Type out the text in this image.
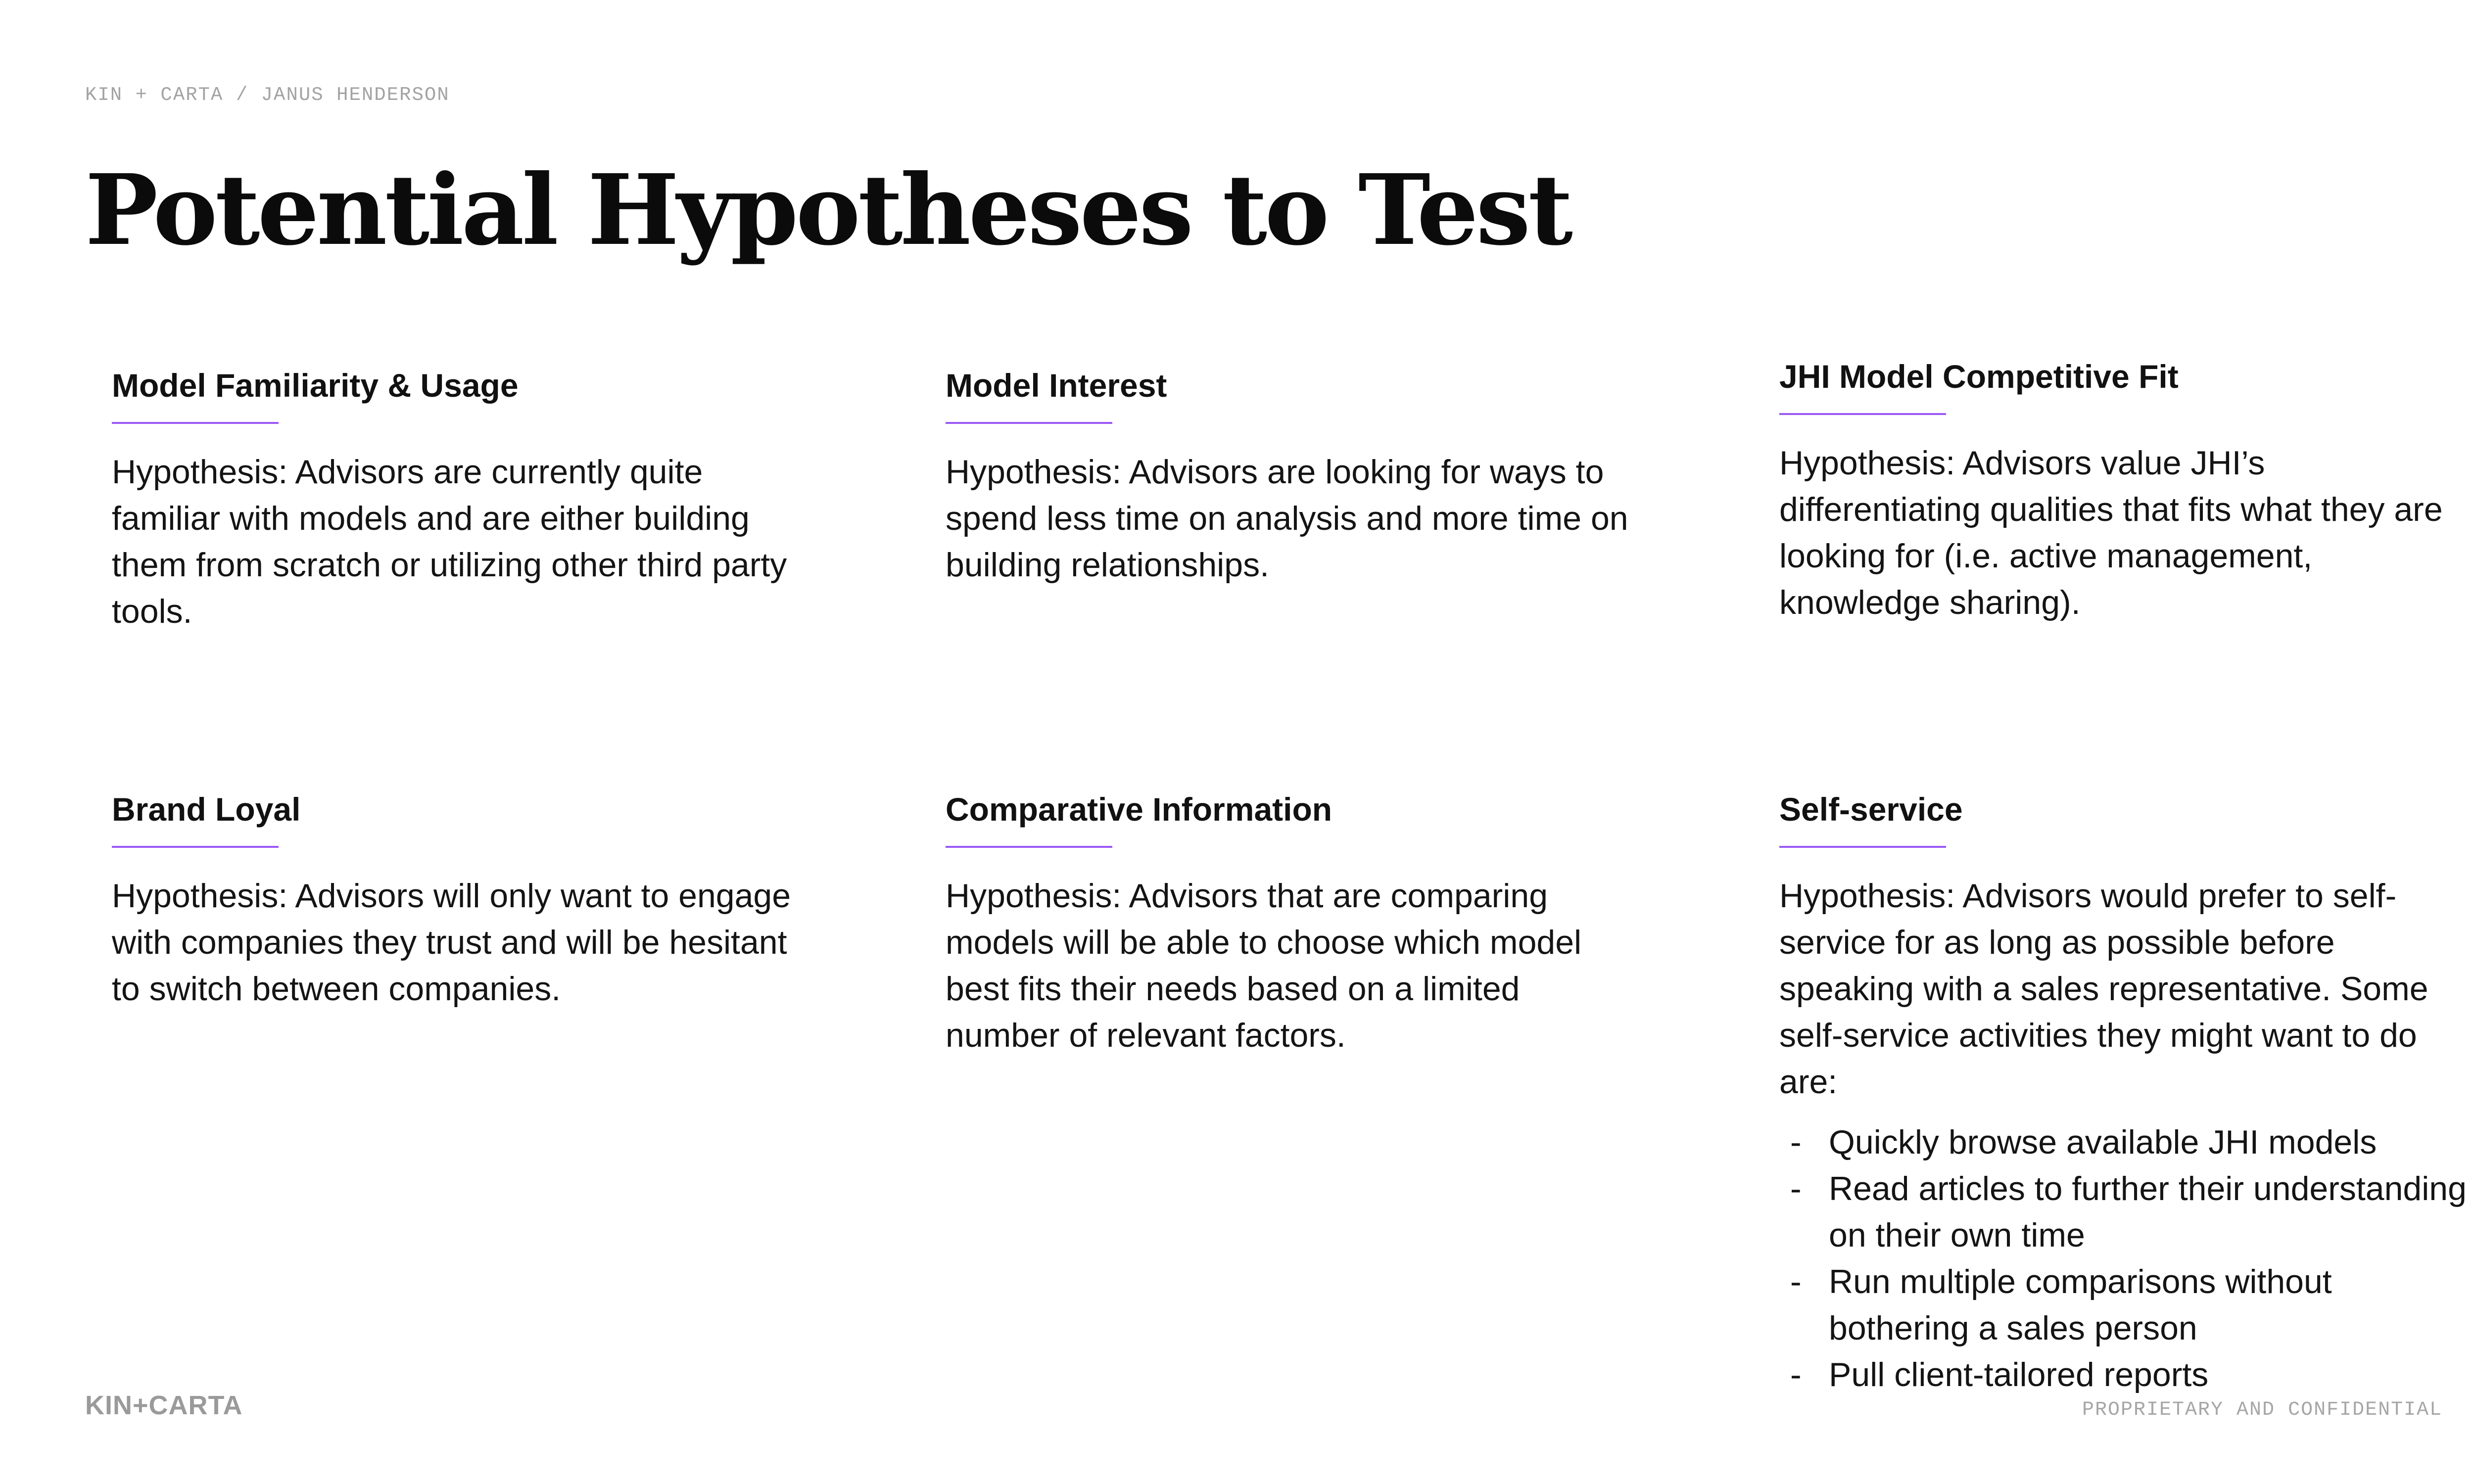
KIN + CARTA / JANUS HENDERSON
Potential Hypotheses to Test
Model Familiarity & Usage

Hypothesis: Advisors are currently quite familiar with models and are either building them from scratch or utilizing other third party tools.

Model Interest

Hypothesis: Advisors are looking for ways to spend less time on analysis and more time on building relationships.

JHI Model Competitive Fit

Hypothesis: Advisors value JHI’s differentiating qualities that fits what they are looking for (i.e. active management, knowledge sharing).

Brand Loyal

Hypothesis: Advisors will only want to engage with companies they trust and will be hesitant to switch between companies.

Comparative Information

Hypothesis: Advisors that are comparing models will be able to choose which model best fits their needs based on a limited number of relevant factors.

Self-service

Hypothesis: Advisors would prefer to self-service for as long as possible before speaking with a sales representative. Some self-service activities they might want to do are:

- Quickly browse available JHI models
- Read articles to further their understanding on their own time
- Run multiple comparisons without bothering a sales person
- Pull client-tailored reports
KIN+CARTA	PROPRIETARY AND CONFIDENTIAL
